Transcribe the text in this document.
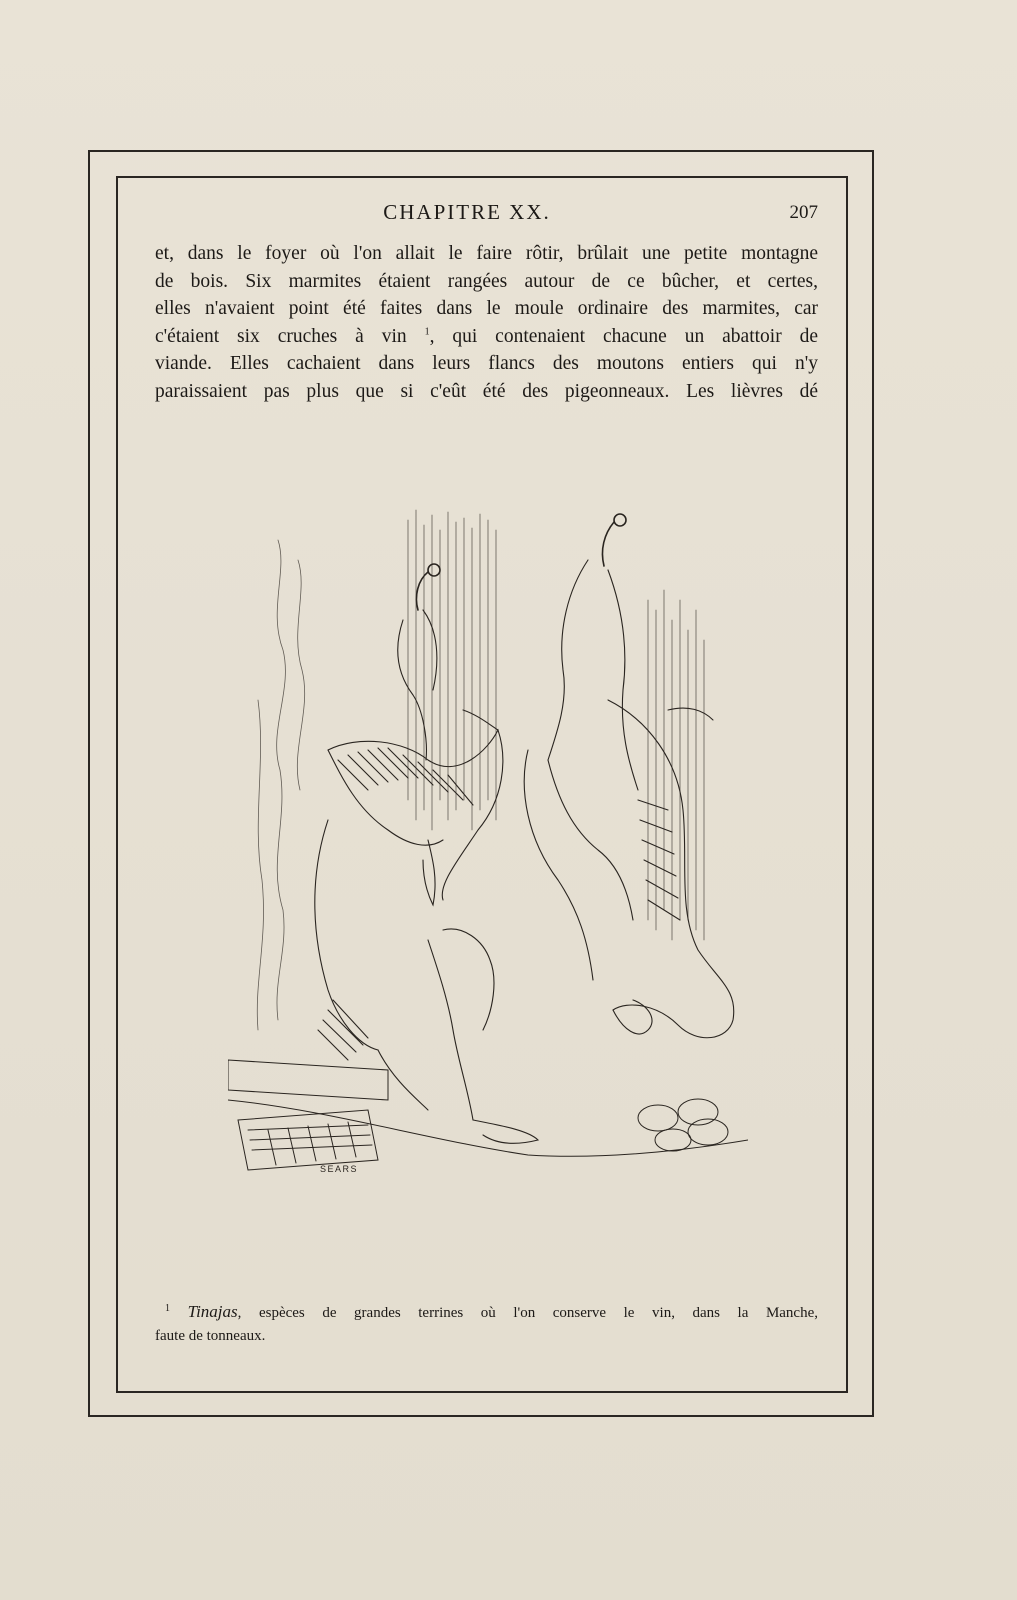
CHAPITRE XX.	207
et, dans le foyer où l'on allait le faire rôtir, brûlait une petite montagne
de bois. Six marmites étaient rangées autour de ce bûcher, et certes,
elles n'avaient point été faites dans le moule ordinaire des marmites, car
c'étaient six cruches à vin $^1$, qui contenaient chacune un abattoir de
viande. Elles cachaient dans leurs flancs des moutons entiers qui n'y
paraissaient pas plus que si c'eût été des pigeonneaux. Les lièvres dé
SEARS
$^1$ Tinajas, espèces de grandes terrines où l'on conserve le vin, dans la Manche,
faute de tonneaux.
